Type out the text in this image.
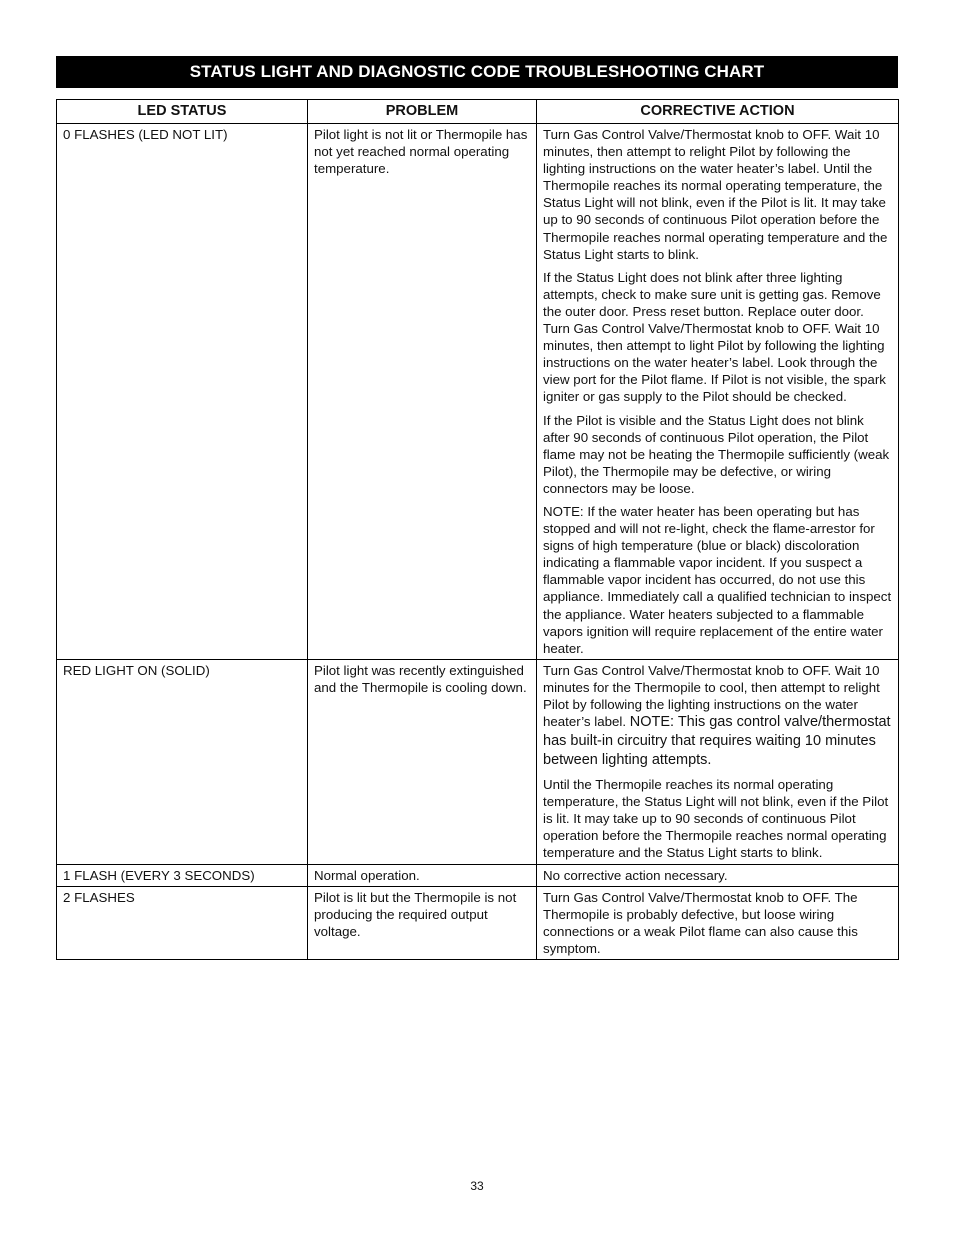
STATUS LIGHT AND DIAGNOSTIC CODE TROUBLESHOOTING CHART
LED STATUS	PROBLEM	CORRECTIVE ACTION
0 FLASHES (LED NOT LIT)	Pilot light is not lit or Thermopile has not yet reached normal operating temperature.	Turn Gas Control Valve/Thermostat knob to OFF. Wait 10 minutes, then attempt to relight Pilot by following the lighting instructions on the water heater’s label. Until the Thermopile reaches its normal operating temperature, the Status Light will not blink, even if the Pilot is lit. It may take up to 90 seconds of continuous Pilot operation before the Thermopile reaches normal operating temperature and the Status Light starts to blink.

If the Status Light does not blink after three lighting attempts, check to make sure unit is getting gas. Remove the outer door. Press reset button. Replace outer door. Turn Gas Control Valve/Thermostat knob to OFF. Wait 10 minutes, then attempt to light Pilot by following the lighting instructions on the water heater’s label. Look through the view port for the Pilot flame. If Pilot is not visible, the spark igniter or gas supply to the Pilot should be checked.

If the Pilot is visible and the Status Light does not blink after 90 seconds of continuous Pilot operation, the Pilot flame may not be heating the Thermopile sufficiently (weak Pilot), the Thermopile may be defective, or wiring connectors may be loose.

NOTE: If the water heater has been operating but has stopped and will not re-light, check the flame-arrestor for signs of high temperature (blue or black) discoloration indicating a flammable vapor incident. If you suspect a flammable vapor incident has occurred, do not use this appliance. Immediately call a qualified technician to inspect the appliance. Water heaters subjected to a flammable vapors ignition will require replacement of the entire water heater.

RED LIGHT ON (SOLID)	Pilot light was recently extinguished and the Thermopile is cooling down.	Turn Gas Control Valve/Thermostat knob to OFF. Wait 10 minutes for the Thermopile to cool, then attempt to relight Pilot by following the lighting instructions on the water heater’s label. NOTE: This gas control valve/thermostat has built-in circuitry that requires waiting 10 minutes between lighting attempts.

Until the Thermopile reaches its normal operating temperature, the Status Light will not blink, even if the Pilot is lit. It may take up to 90 seconds of continuous Pilot operation before the Thermopile reaches normal operating temperature and the Status Light starts to blink.

1 FLASH (EVERY 3 SECONDS)	Normal operation.	No corrective action necessary.
2 FLASHES	Pilot is lit but the Thermopile is not producing the required output voltage.	Turn Gas Control Valve/Thermostat knob to OFF. The Thermopile is probably defective, but loose wiring connections or a weak Pilot flame can also cause this symptom.
33
